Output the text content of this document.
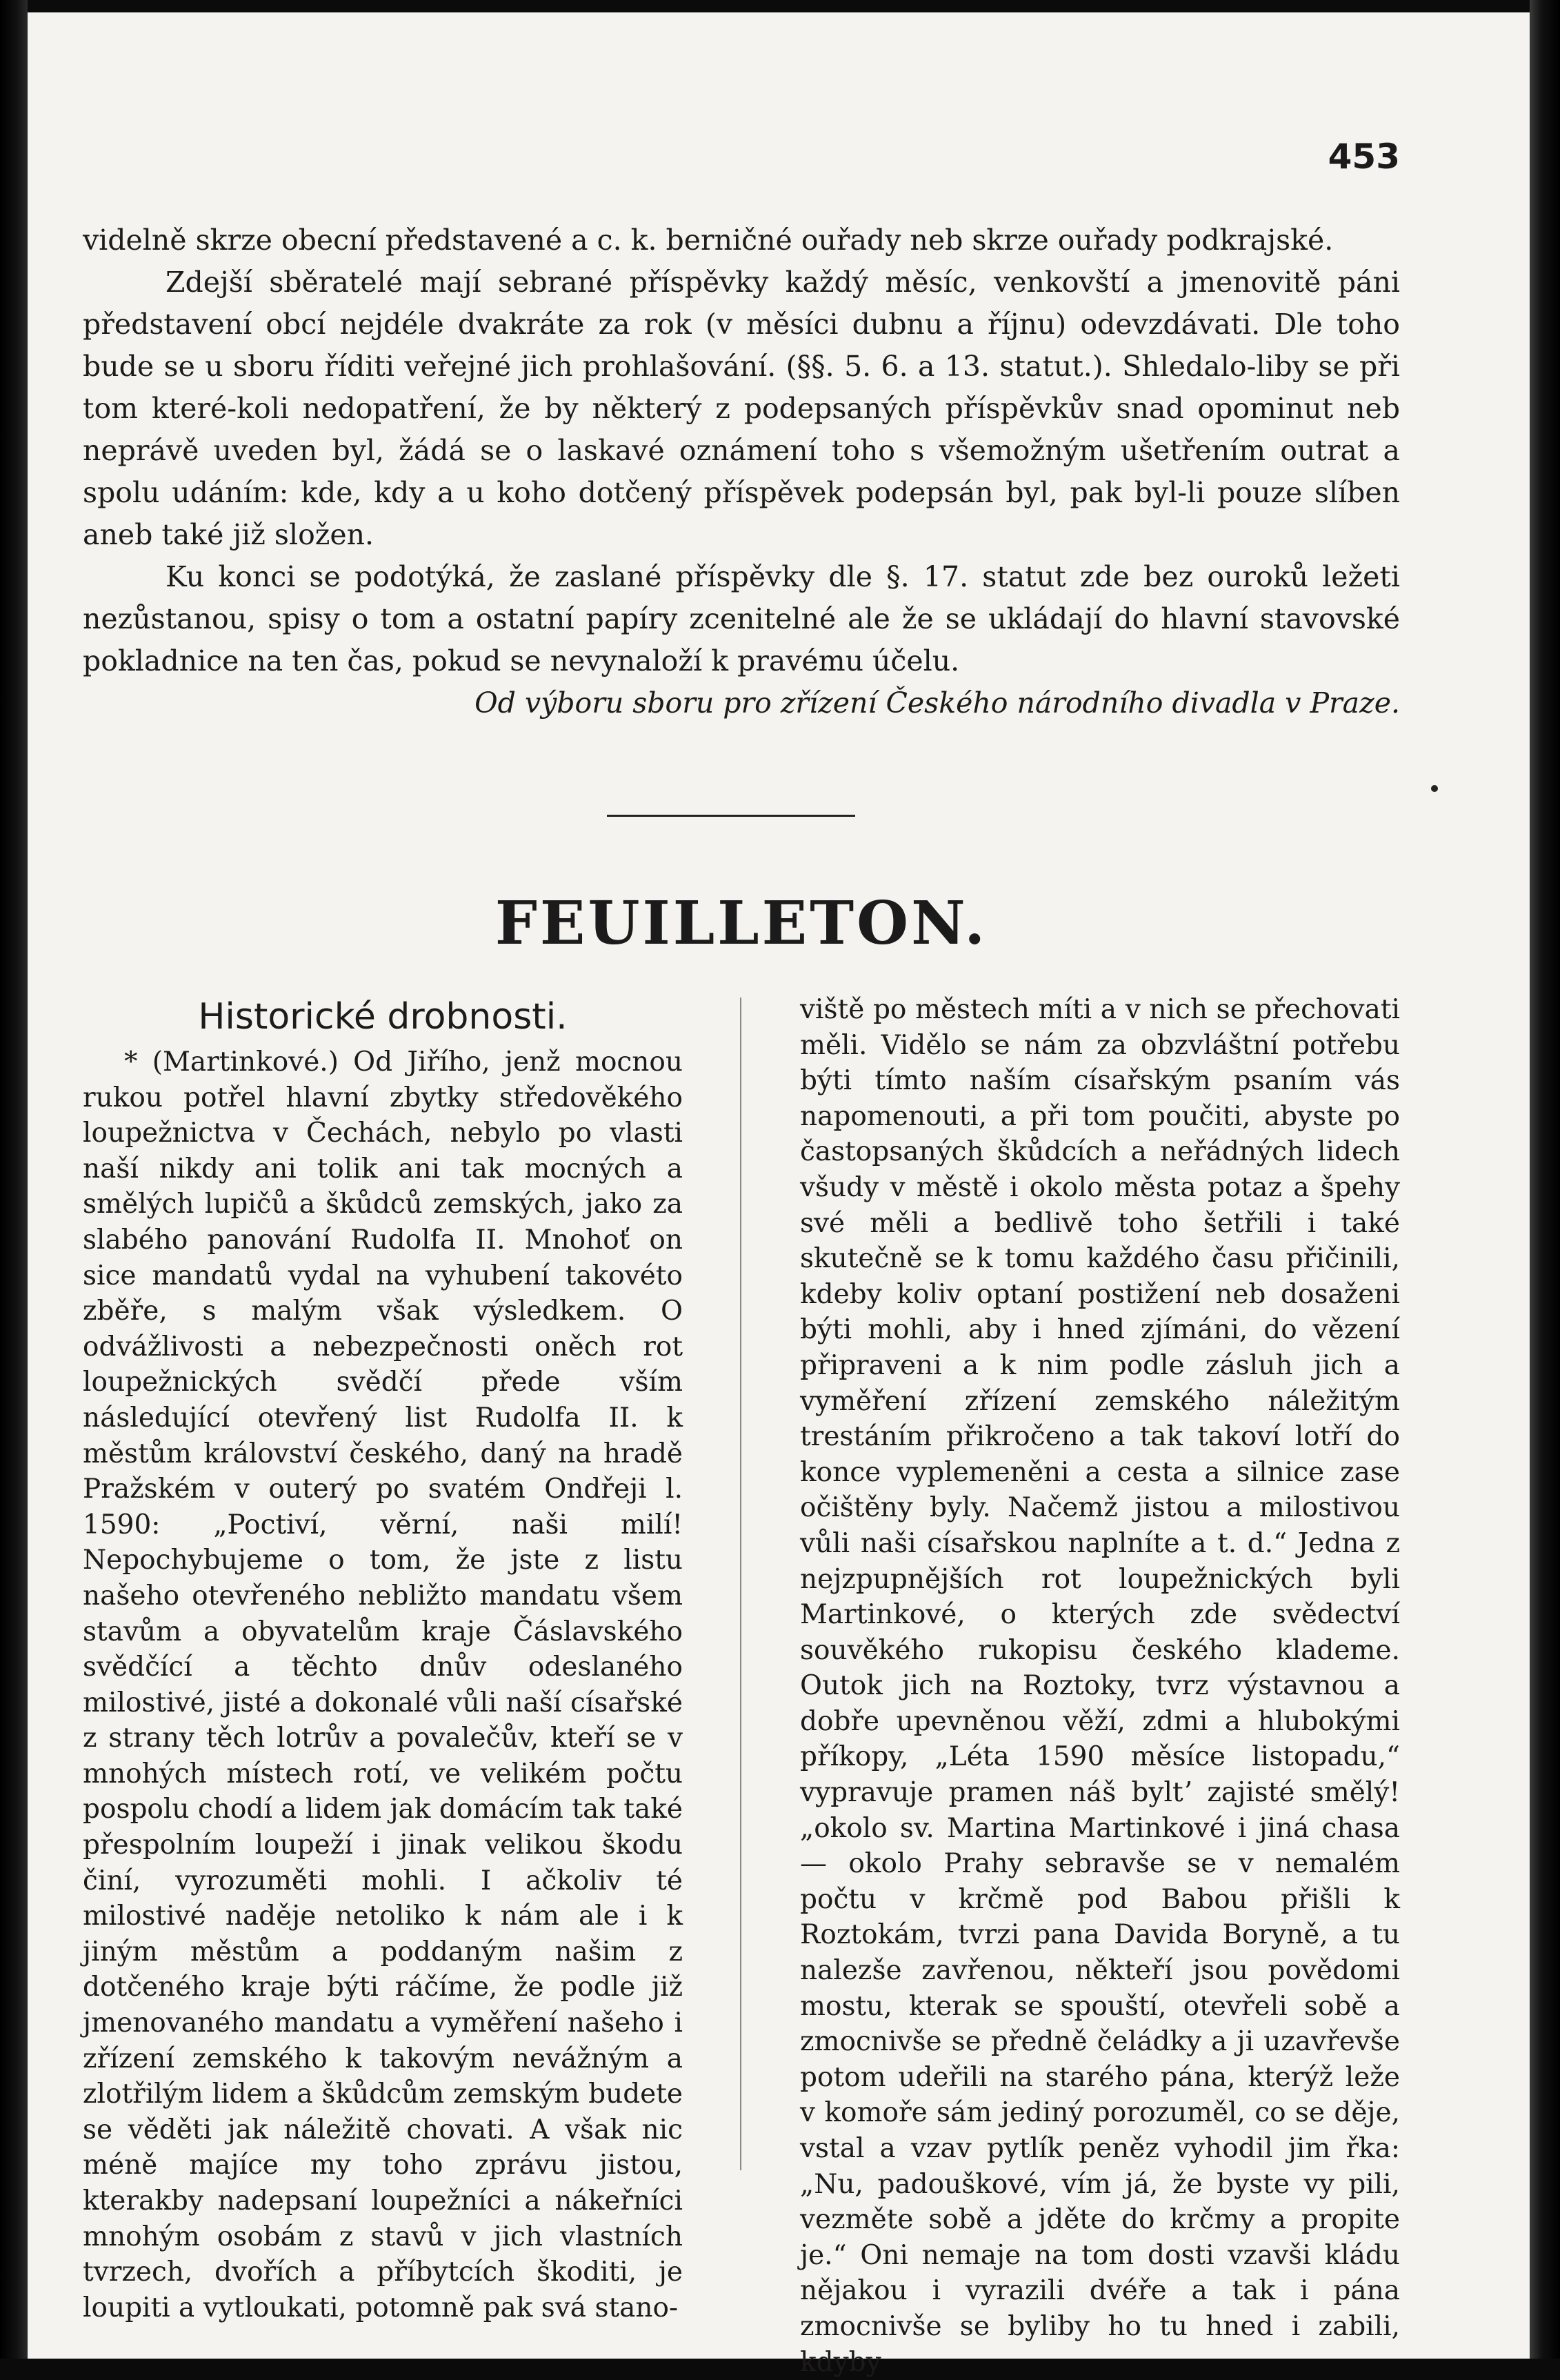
453

videlně skrze obecní představené a c. k. berničné ouřady neb skrze ouřady podkrajské.

Zdejší sběratelé mají sebrané příspěvky každý měsíc, venkovští a jmenovitě páni představení obcí nejdéle dvakráte za rok (v měsíci dubnu a říjnu) odevzdávati. Dle toho bude se u sboru říditi veřejné jich prohlašování. (§§. 5. 6. a 13. statut.). Shledalo-liby se při tom které-koli nedopatření, že by některý z podepsaných příspěvkův snad opominut neb neprávě uveden byl, žádá se o laskavé oznámení toho s všemožným ušetřením outrat a spolu udáním: kde, kdy a u koho dotčený příspěvek podepsán byl, pak byl-li pouze slíben aneb také již složen.

Ku konci se podotýká, že zaslané příspěvky dle §. 17. statut zde bez ouroků ležeti nezůstanou, spisy o tom a ostatní papíry zcenitelné ale že se ukládají do hlavní stavovské pokladnice na ten čas, pokud se nevynaloží k pravému účelu.

Od výboru sboru pro zřízení Českého národního divadla v Praze.

FEUILLETON.

Historické drobnosti.

* (Martinkové.) Od Jiřího, jenž mocnou rukou potřel hlavní zbytky středověkého loupežnictva v Čechách, nebylo po vlasti naší nikdy ani tolik ani tak mocných a smělých lupičů a škůdců zemských, jako za slabého panování Rudolfa II. Mnohoť on sice mandatů vydal na vyhubení takovéto zběře, s malým však výsledkem. O odvážlivosti a nebezpečnosti oněch rot loupežnických svědčí přede vším následující otevřený list Rudolfa II. k městům království českého, daný na hradě Pražském v outerý po svatém Ondřeji l. 1590: „Poctiví, věrní, naši milí! Nepochybujeme o tom, že jste z listu našeho otevřeného nebližto mandatu všem stavům a obyvatelům kraje Čáslavského svědčící a těchto dnův odeslaného milostivé, jisté a dokonalé vůli naší císařské z strany těch lotrův a povalečův, kteří se v mnohých místech rotí, ve velikém počtu pospolu chodí a lidem jak domácím tak také přespolním loupeží i jinak velikou škodu činí, vyrozuměti mohli. I ačkoliv té milostivé naděje netoliko k nám ale i k jiným městům a poddaným našim z dotčeného kraje býti ráčíme, že podle již jmenovaného mandatu a vyměření našeho i zřízení zemského k takovým nevážným a zlotřilým lidem a škůdcům zemským budete se věděti jak náležitě chovati. A však nic méně majíce my toho zprávu jistou, kterakby nadepsaní loupežníci a nákeřníci mnohým osobám z stavů v jich vlastních tvrzech, dvořích a příbytcích škoditi, je loupiti a vytloukati, potomně pak svá stano-

viště po městech míti a v nich se přechovati měli. Vidělo se nám za obzvláštní potřebu býti tímto naším císařským psaním vás napomenouti, a při tom poučiti, abyste po častopsaných škůdcích a neřádných lidech všudy v městě i okolo města potaz a špehy své měli a bedlivě toho šetřili i také skutečně se k tomu každého času přičinili, kdeby koliv optaní postižení neb dosaženi býti mohli, aby i hned zjímáni, do vězení připraveni a k nim podle zásluh jich a vyměření zřízení zemského náležitým trestáním přikročeno a tak takoví lotří do konce vyplemeněni a cesta a silnice zase očištěny byly. Načemž jistou a milostivou vůli naši císařskou naplníte a t. d.“ Jedna z nejzpupnějších rot loupežnických byli Martinkové, o kterých zde svědectví souvěkého rukopisu českého klademe. Outok jich na Roztoky, tvrz výstavnou a dobře upevněnou věží, zdmi a hlubokými příkopy, „Léta 1590 měsíce listopadu,“ vypravuje pramen náš byltʼ zajisté smělý! „okolo sv. Martina Martinkové i jiná chasa — okolo Prahy sebravše se v nemalém počtu v krčmě pod Babou přišli k Roztokám, tvrzi pana Davida Boryně, a tu nalezše zavřenou, někteří jsou povědomi mostu, kterak se spouští, otevřeli sobě a zmocnivše se předně čeládky a ji uzavřevše potom udeřili na starého pána, kterýž leže v komoře sám jediný porozuměl, co se děje, vstal a vzav pytlík peněz vyhodil jim řka: „Nu, padouškové, vím já, že byste vy pili, vezměte sobě a jděte do krčmy a propite je.“ Oni nemaje na tom dosti vzavši kládu nějakou i vyrazili dvéře a tak i pána zmocnivše se byliby ho tu hned i zabili, kdyby
